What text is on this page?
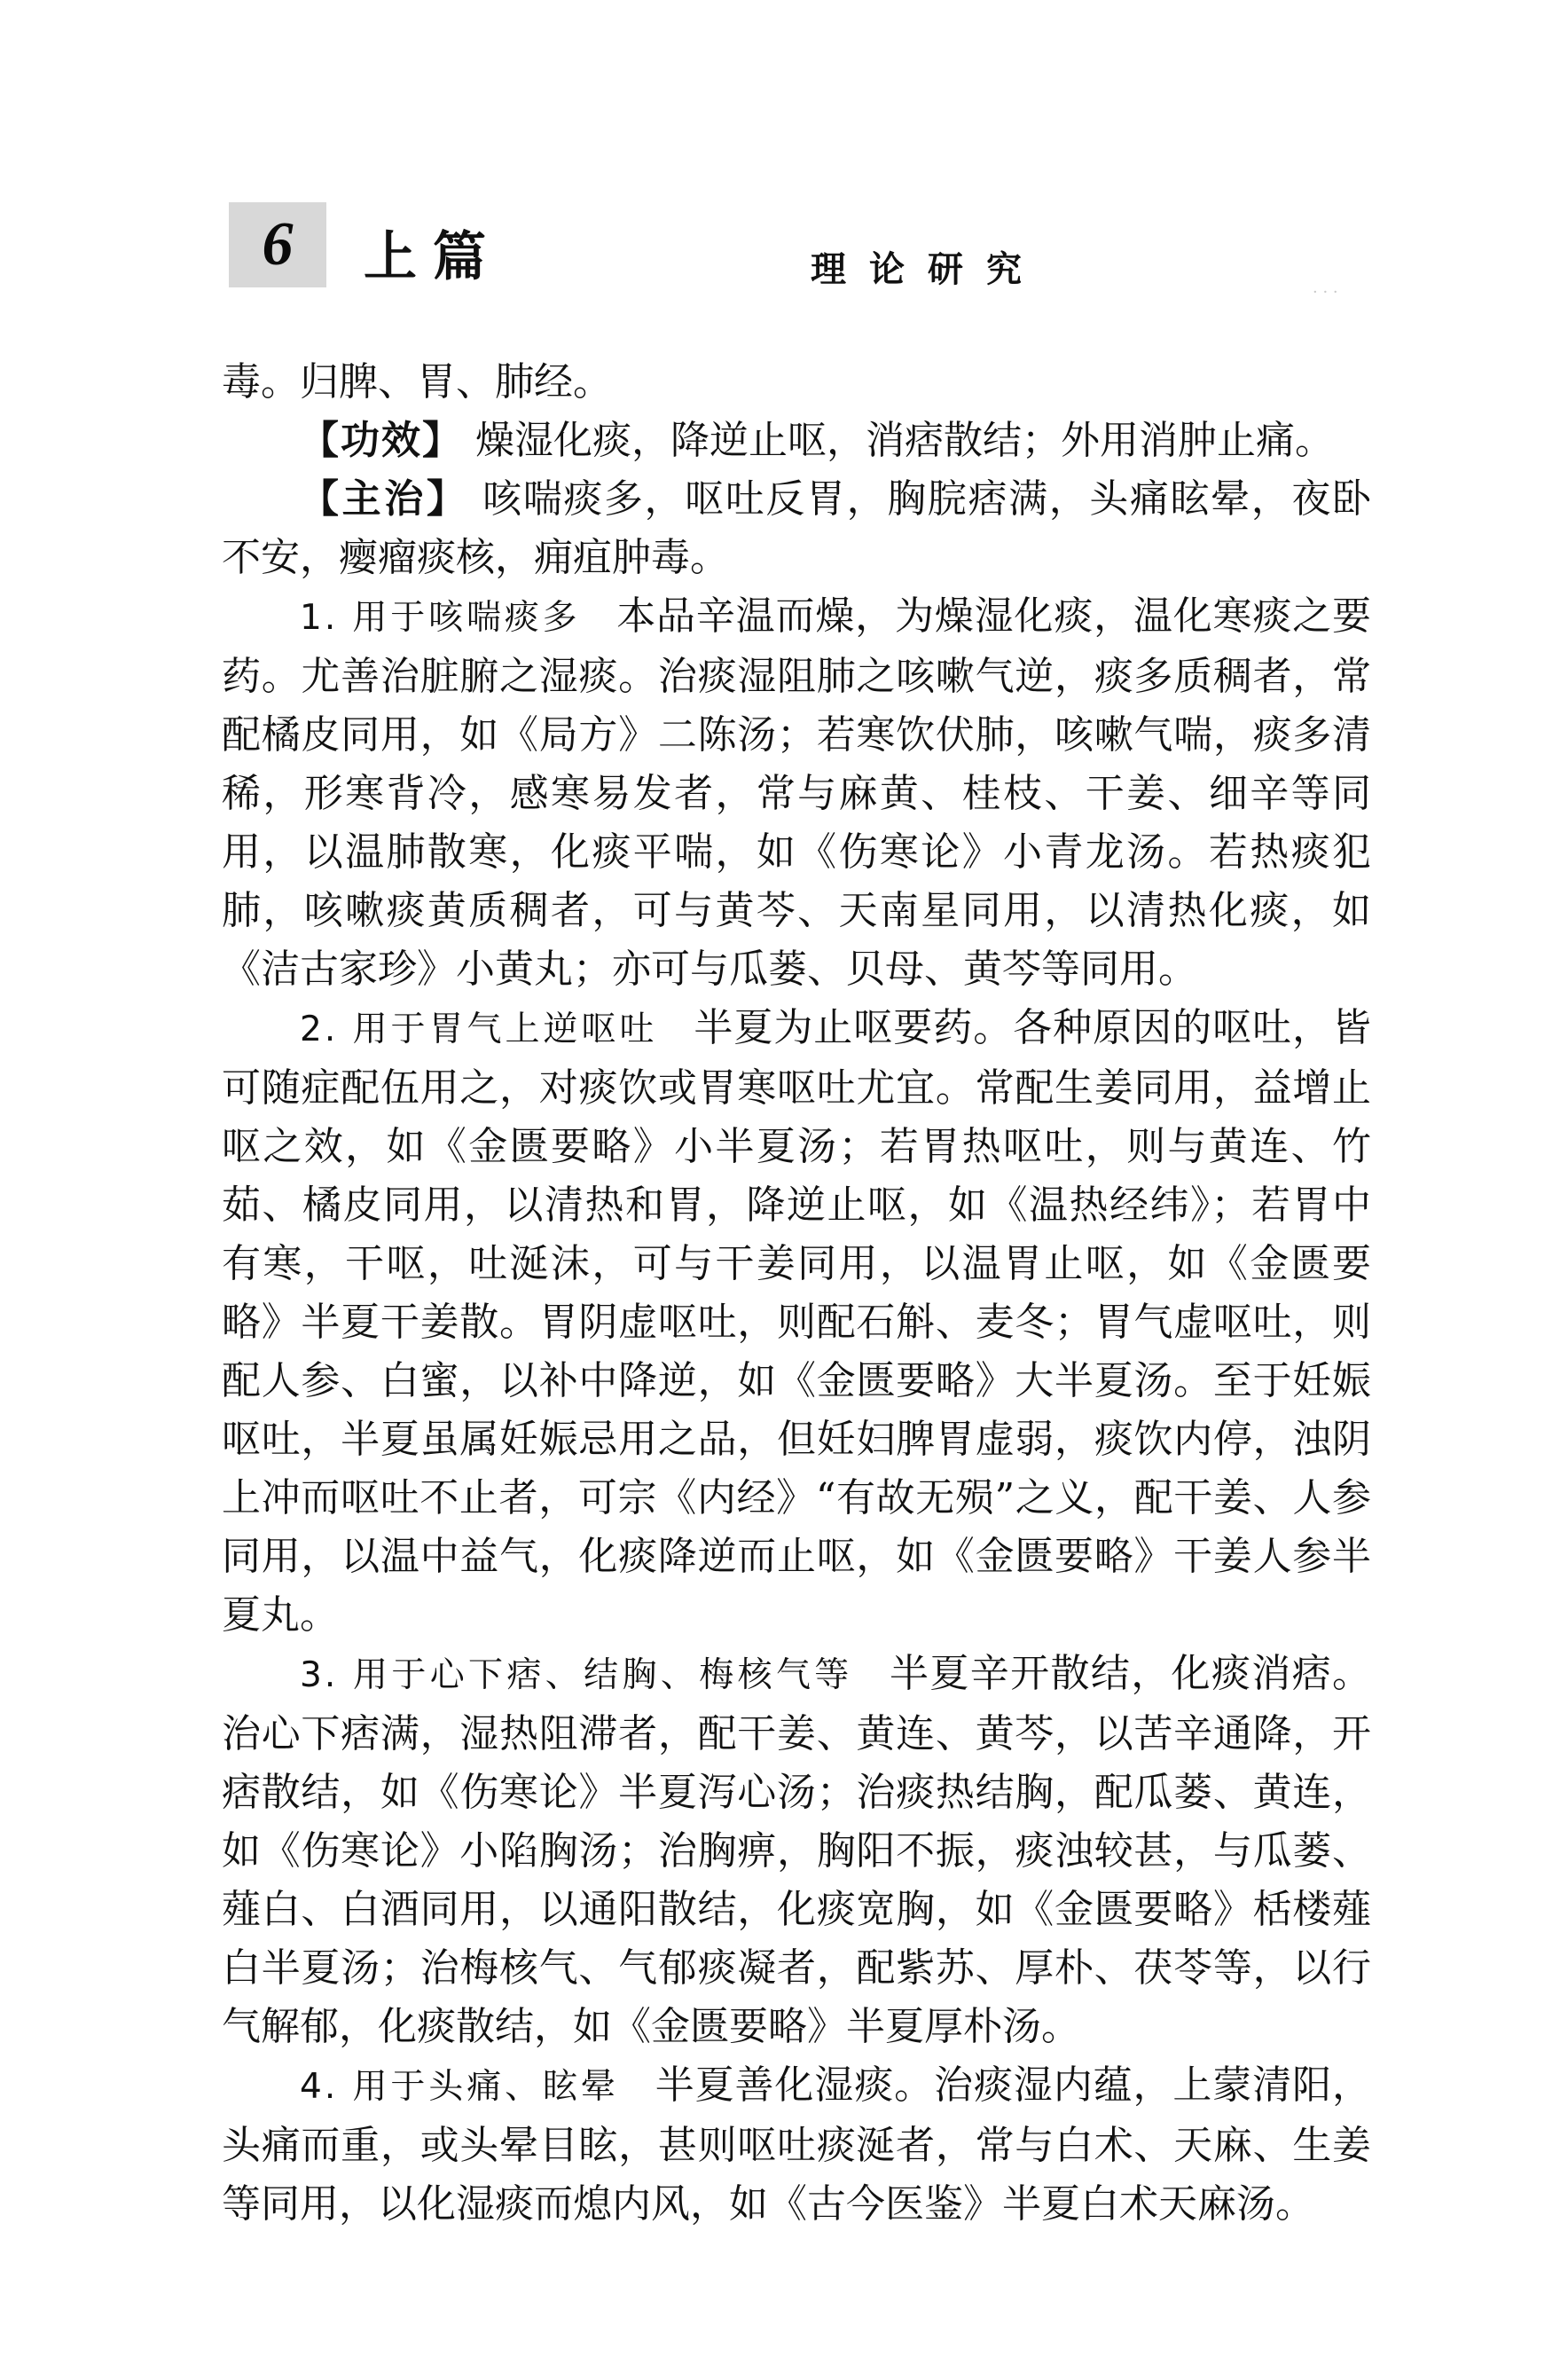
6	上篇	理论研究
· · ·

毒。归脾、胃、肺经。

【功效】 燥湿化痰，降逆止呕，消痞散结；外用消肿止痛。

【主治】 咳喘痰多，呕吐反胃，胸脘痞满，头痛眩晕，夜卧不安，瘿瘤痰核，痈疽肿毒。

1. 用于咳喘痰多 本品辛温而燥，为燥湿化痰，温化寒痰之要药。尤善治脏腑之湿痰。治痰湿阻肺之咳嗽气逆，痰多质稠者，常配橘皮同用，如《局方》二陈汤；若寒饮伏肺，咳嗽气喘，痰多清稀，形寒背冷，感寒易发者，常与麻黄、桂枝、干姜、细辛等同用，以温肺散寒，化痰平喘，如《伤寒论》小青龙汤。若热痰犯肺，咳嗽痰黄质稠者，可与黄芩、天南星同用，以清热化痰，如《洁古家珍》小黄丸；亦可与瓜蒌、贝母、黄芩等同用。

2. 用于胃气上逆呕吐 半夏为止呕要药。各种原因的呕吐，皆可随症配伍用之，对痰饮或胃寒呕吐尤宜。常配生姜同用，益增止呕之效，如《金匮要略》小半夏汤；若胃热呕吐，则与黄连、竹茹、橘皮同用，以清热和胃，降逆止呕，如《温热经纬》；若胃中有寒，干呕，吐涎沫，可与干姜同用，以温胃止呕，如《金匮要略》半夏干姜散。胃阴虚呕吐，则配石斛、麦冬；胃气虚呕吐，则配人参、白蜜，以补中降逆，如《金匮要略》大半夏汤。至于妊娠呕吐，半夏虽属妊娠忌用之品，但妊妇脾胃虚弱，痰饮内停，浊阴上冲而呕吐不止者，可宗《内经》“有故无殒”之义，配干姜、人参同用，以温中益气，化痰降逆而止呕，如《金匮要略》干姜人参半夏丸。

3. 用于心下痞、结胸、梅核气等 半夏辛开散结，化痰消痞。治心下痞满，湿热阻滞者，配干姜、黄连、黄芩，以苦辛通降，开痞散结，如《伤寒论》半夏泻心汤；治痰热结胸，配瓜蒌、黄连，如《伤寒论》小陷胸汤；治胸痹，胸阳不振，痰浊较甚，与瓜蒌、薤白、白酒同用，以通阳散结，化痰宽胸，如《金匮要略》栝楼薤白半夏汤；治梅核气、气郁痰凝者，配紫苏、厚朴、茯苓等，以行气解郁，化痰散结，如《金匮要略》半夏厚朴汤。

4. 用于头痛、眩晕 半夏善化湿痰。治痰湿内蕴，上蒙清阳，头痛而重，或头晕目眩，甚则呕吐痰涎者，常与白术、天麻、生姜等同用，以化湿痰而熄内风，如《古今医鉴》半夏白术天麻汤。
